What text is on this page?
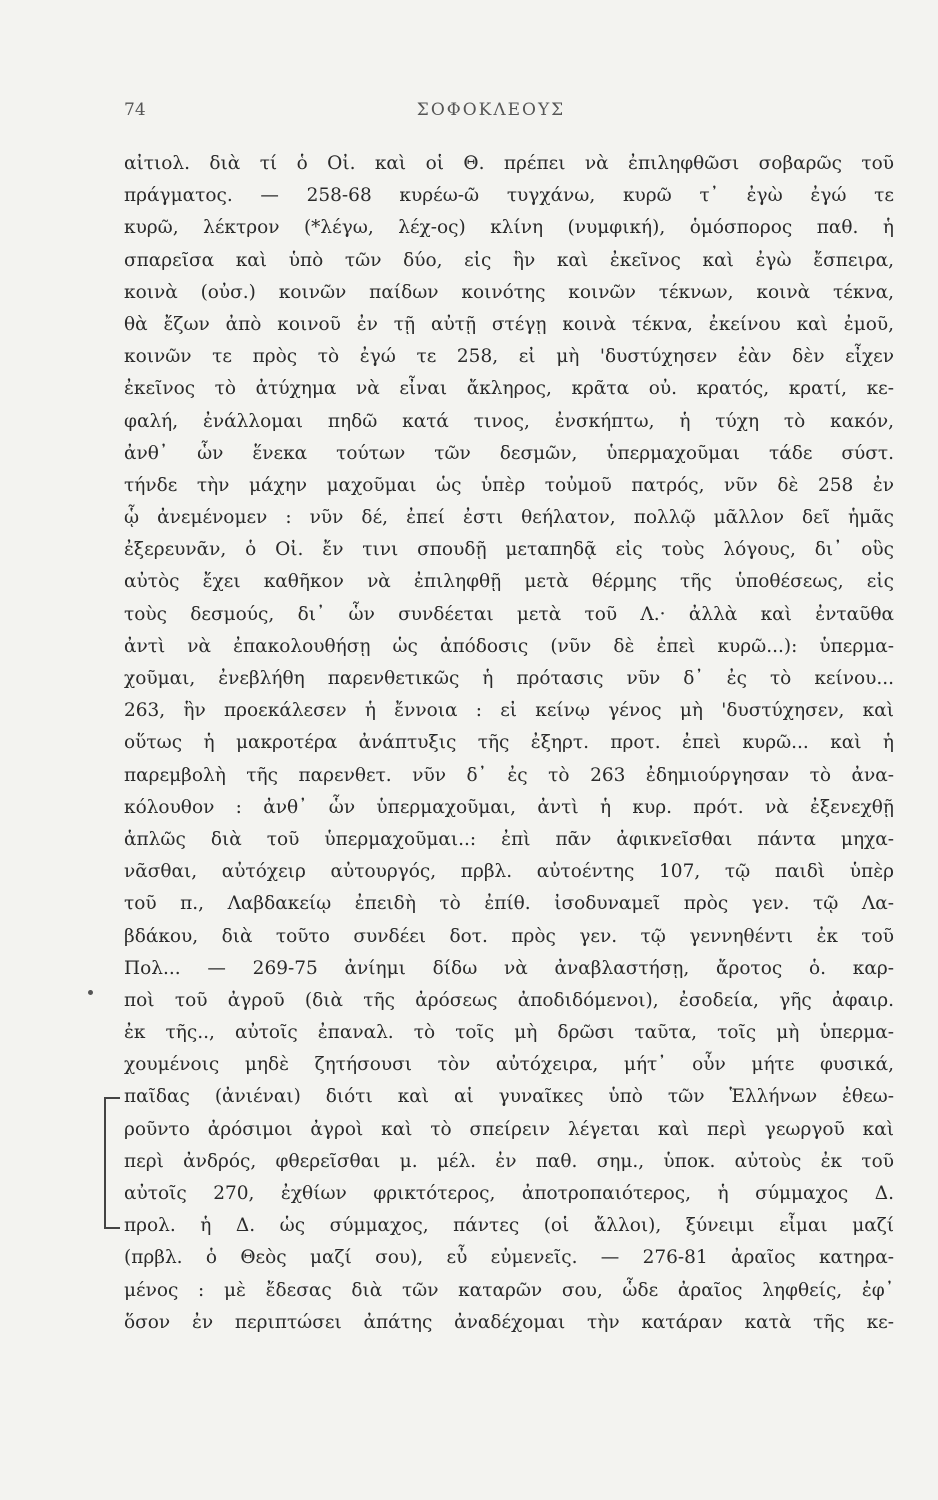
74	ΣΟΦΟΚΛΕΟΥΣ
αἰτιολ. διὰ τί ὁ Οἰ. καὶ οἱ Θ. πρέπει νὰ ἐπιληφθῶσι σοβαρῶς τοῦ
πράγματος. — 258-68 κυρέω-ῶ τυγχάνω, κυρῶ τ᾽ ἐγὼ ἐγώ τε
κυρῶ, λέκτρον (*λέγω, λέχ-ος) κλίνη (νυμφική), ὁμόσπορος παθ. ἡ
σπαρεῖσα καὶ ὑπὸ τῶν δύο, εἰς ἣν καὶ ἐκεῖνος καὶ ἐγὼ ἔσπειρα,
κοινὰ (οὐσ.) κοινῶν παίδων κοινότης κοινῶν τέκνων, κοινὰ τέκνα,
θὰ ἔζων ἀπὸ κοινοῦ ἐν τῇ αὐτῇ στέγῃ κοινὰ τέκνα, ἐκείνου καὶ ἐμοῦ,
κοινῶν τε πρὸς τὸ ἐγώ τε 258, εἰ μὴ 'δυστύχησεν ἐὰν δὲν εἶχεν
ἐκεῖνος τὸ ἀτύχημα νὰ εἶναι ἄκληρος, κρᾶτα οὐ. κρατός, κρατί, κε-
φαλή, ἐνάλλομαι πηδῶ κατά τινος, ἐνσκήπτω, ἡ τύχη τὸ κακόν,
ἀνθ᾽ ὧν ἕνεκα τούτων τῶν δεσμῶν, ὑπερμαχοῦμαι τάδε σύστ.
τήνδε τὴν μάχην μαχοῦμαι ὡς ὑπὲρ τοὐμοῦ πατρός, νῦν δὲ 258 ἐν
ᾧ ἀνεμένομεν : νῦν δέ, ἐπεί ἐστι θεήλατον, πολλῷ μᾶλλον δεῖ ἡμᾶς
ἐξερευνᾶν, ὁ Οἰ. ἔν τινι σπουδῇ μεταπηδᾷ εἰς τοὺς λόγους, δι᾽ οὓς
αὐτὸς ἔχει καθῆκον νὰ ἐπιληφθῇ μετὰ θέρμης τῆς ὑποθέσεως, εἰς
τοὺς δεσμούς, δι᾽ ὧν συνδέεται μετὰ τοῦ Λ.· ἀλλὰ καὶ ἐνταῦθα
ἀντὶ νὰ ἐπακολουθήσῃ ὡς ἀπόδοσις (νῦν δὲ ἐπεὶ κυρῶ...): ὑπερμα-
χοῦμαι, ἐνεβλήθη παρενθετικῶς ἡ πρότασις νῦν δ᾽ ἐς τὸ κείνου...
263, ἣν προεκάλεσεν ἡ ἔννοια : εἰ κείνῳ γένος μὴ 'δυστύχησεν, καὶ
οὕτως ἡ μακροτέρα ἀνάπτυξις τῆς ἐξηρτ. προτ. ἐπεὶ κυρῶ... καὶ ἡ
παρεμβολὴ τῆς παρενθετ. νῦν δ᾽ ἐς τὸ 263 ἐδημιούργησαν τὸ ἀνα-
κόλουθον : ἀνθ᾽ ὧν ὑπερμαχοῦμαι, ἀντὶ ἡ κυρ. πρότ. νὰ ἐξενεχθῇ
ἁπλῶς διὰ τοῦ ὑπερμαχοῦμαι..: ἐπὶ πᾶν ἀφικνεῖσθαι πάντα μηχα-
νᾶσθαι, αὐτόχειρ αὐτουργός, πρβλ. αὐτοέντης 107, τῷ παιδὶ ὑπὲρ
τοῦ π., Λαβδακείῳ ἐπειδὴ τὸ ἐπίθ. ἰσοδυναμεῖ πρὸς γεν. τῷ Λα-
βδάκου, διὰ τοῦτο συνδέει δοτ. πρὸς γεν. τῷ γεννηθέντι ἐκ τοῦ
Πολ... — 269-75 ἀνίημι δίδω νὰ ἀναβλαστήσῃ, ἄροτος ὁ. καρ-
ποὶ τοῦ ἀγροῦ (διὰ τῆς ἀρόσεως ἀποδιδόμενοι), ἐσοδεία, γῆς ἀφαιρ.
ἐκ τῆς.., αὐτοῖς ἐπαναλ. τὸ τοῖς μὴ δρῶσι ταῦτα, τοῖς μὴ ὑπερμα-
χουμένοις μηδὲ ζητήσουσι τὸν αὐτόχειρα, μήτ᾽ οὖν μήτε φυσικά,
παῖδας (ἀνιέναι) διότι καὶ αἱ γυναῖκες ὑπὸ τῶν Ἑλλήνων ἐθεω-
ροῦντο ἀρόσιμοι ἀγροὶ καὶ τὸ σπείρειν λέγεται καὶ περὶ γεωργοῦ καὶ
περὶ ἀνδρός, φθερεῖσθαι μ. μέλ. ἐν παθ. σημ., ὑποκ. αὐτοὺς ἐκ τοῦ
αὐτοῖς 270, ἐχθίων φρικτότερος, ἀποτροπαιότερος, ἡ σύμμαχος Δ.
προλ. ἡ Δ. ὡς σύμμαχος, πάντες (οἱ ἄλλοι), ξύνειμι εἶμαι μαζί
(πρβλ. ὁ Θεὸς μαζί σου), εὖ εὐμενεῖς. — 276-81 ἀραῖος κατηρα-
μένος : μὲ ἔδεσας διὰ τῶν καταρῶν σου, ὧδε ἀραῖος ληφθείς, ἐφ᾽
ὅσον ἐν περιπτώσει ἀπάτης ἀναδέχομαι τὴν κατάραν κατὰ τῆς κε-
